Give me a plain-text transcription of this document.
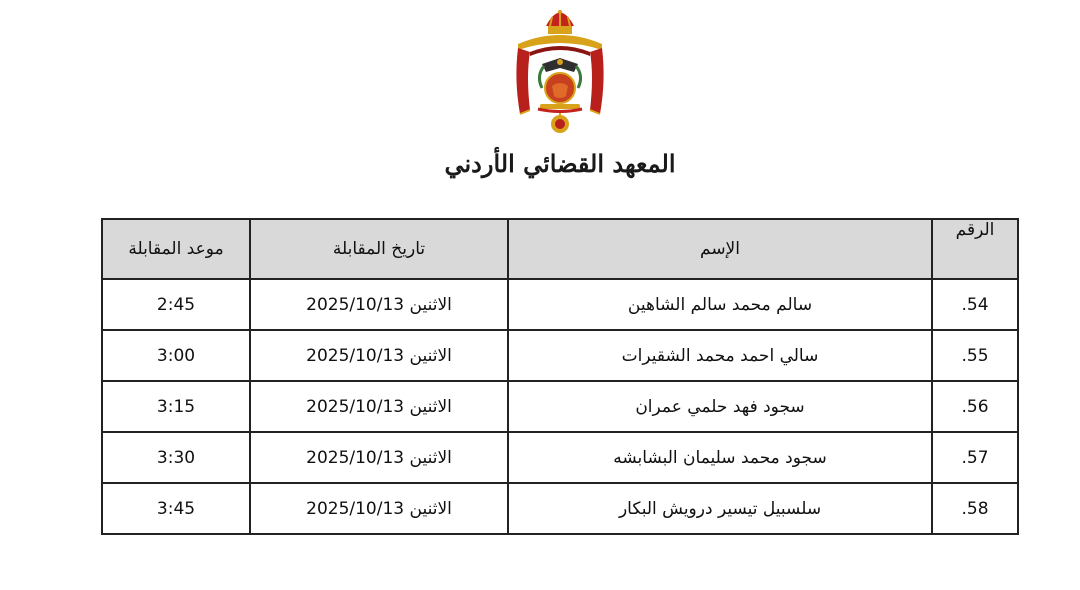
المعهد القضائي الأردني
الرقم	الإسم	تاريخ المقابلة	موعد المقابلة
.54	سالم محمد سالم الشاهين	الاثنين 2025/10/13	2:45
.55	سالي احمد محمد الشقيرات	الاثنين 2025/10/13	3:00
.56	سجود فهد حلمي عمران	الاثنين 2025/10/13	3:15
.57	سجود محمد سليمان البشابشه	الاثنين 2025/10/13	3:30
.58	سلسبيل تيسير درويش البكار	الاثنين 2025/10/13	3:45
